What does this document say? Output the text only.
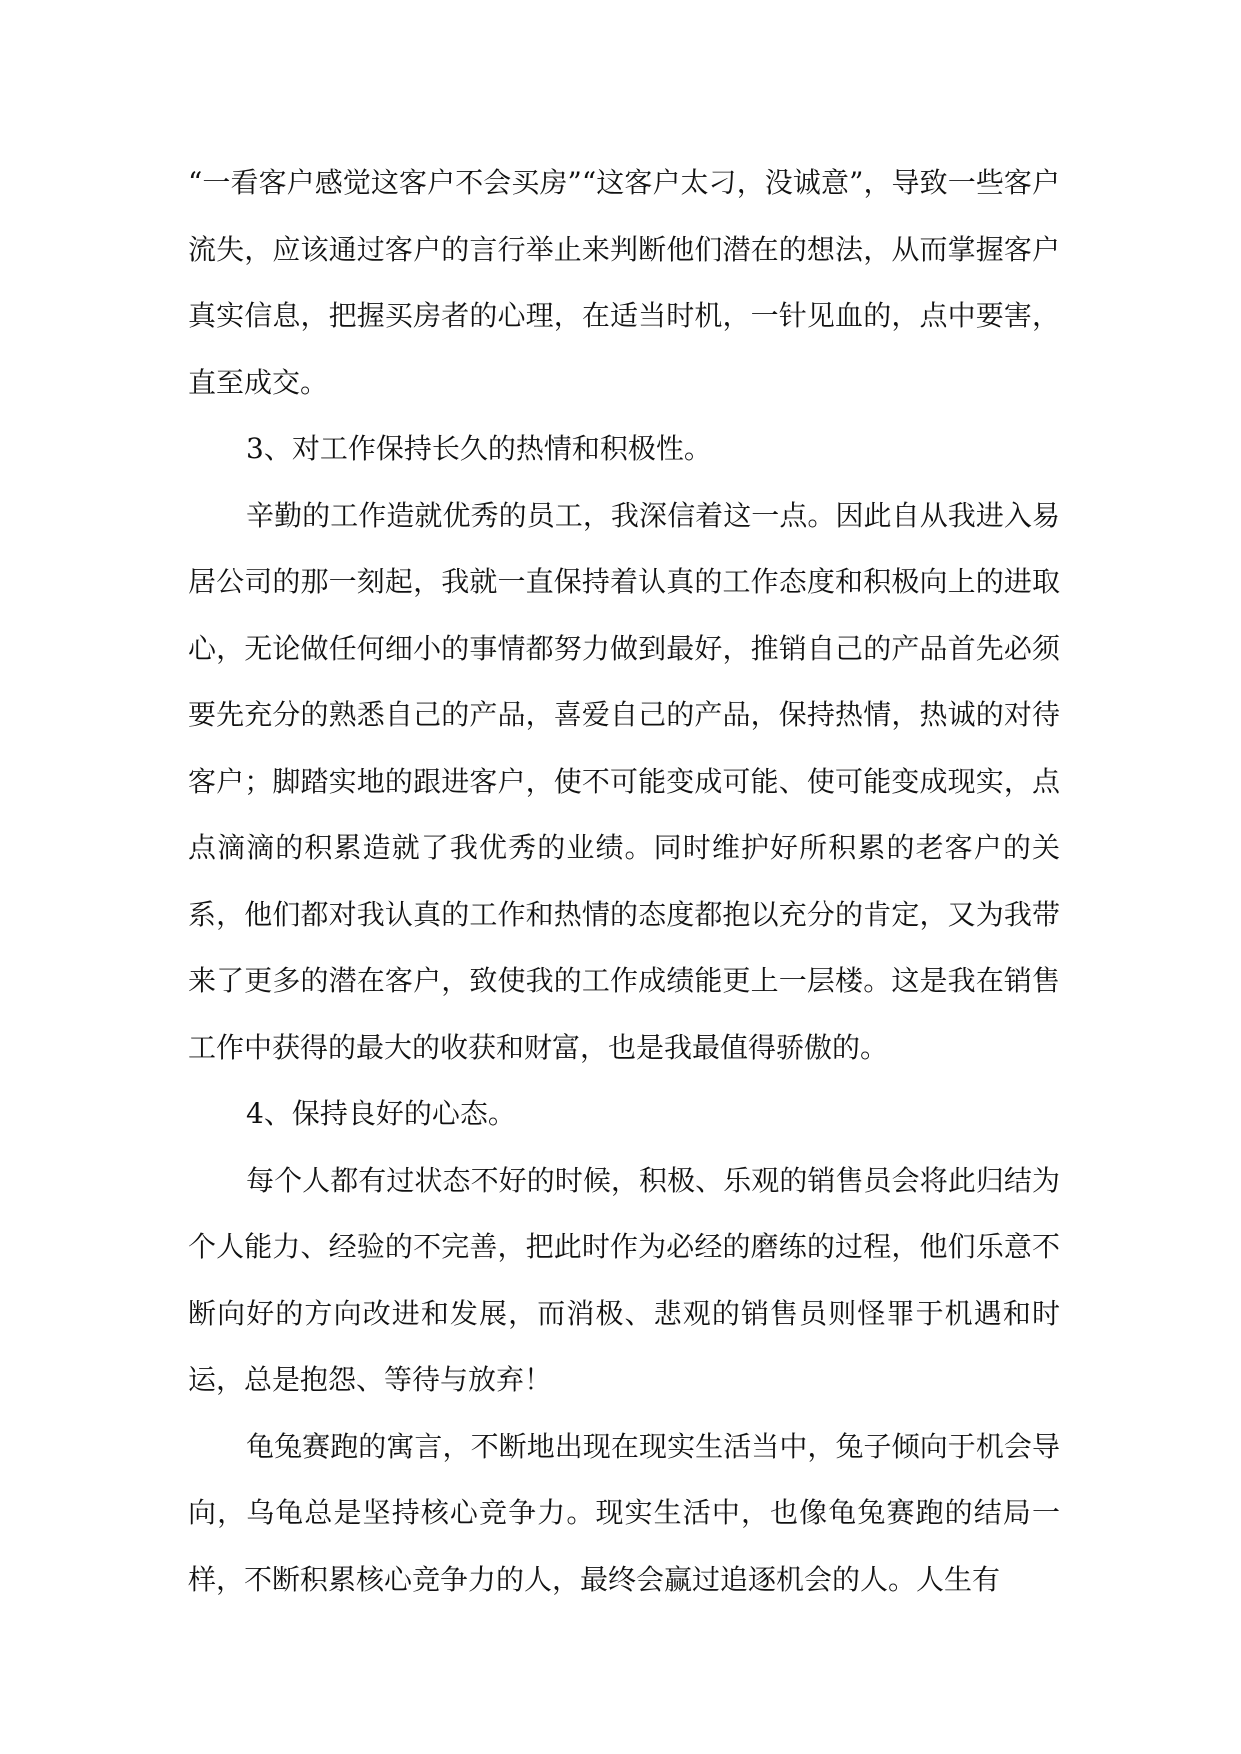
“一看客户感觉这客户不会买房”“这客户太刁，没诚意”，导致一些客户流失，应该通过客户的言行举止来判断他们潜在的想法，从而掌握客户真实信息，把握买房者的心理，在适当时机，一针见血的，点中要害，直至成交。

3、对工作保持长久的热情和积极性。

辛勤的工作造就优秀的员工，我深信着这一点。因此自从我进入易居公司的那一刻起，我就一直保持着认真的工作态度和积极向上的进取心，无论做任何细小的事情都努力做到最好，推销自己的产品首先必须要先充分的熟悉自己的产品，喜爱自己的产品，保持热情，热诚的对待客户；脚踏实地的跟进客户，使不可能变成可能、使可能变成现实，点点滴滴的积累造就了我优秀的业绩。同时维护好所积累的老客户的关系，他们都对我认真的工作和热情的态度都抱以充分的肯定，又为我带来了更多的潜在客户，致使我的工作成绩能更上一层楼。这是我在销售工作中获得的最大的收获和财富，也是我最值得骄傲的。

4、保持良好的心态。

每个人都有过状态不好的时候，积极、乐观的销售员会将此归结为个人能力、经验的不完善，把此时作为必经的磨练的过程，他们乐意不断向好的方向改进和发展，而消极、悲观的销售员则怪罪于机遇和时运，总是抱怨、等待与放弃！

龟兔赛跑的寓言，不断地出现在现实生活当中，兔子倾向于机会导向，乌龟总是坚持核心竞争力。现实生活中，也像龟兔赛跑的结局一样，不断积累核心竞争力的人，最终会赢过追逐机会的人。人生有
